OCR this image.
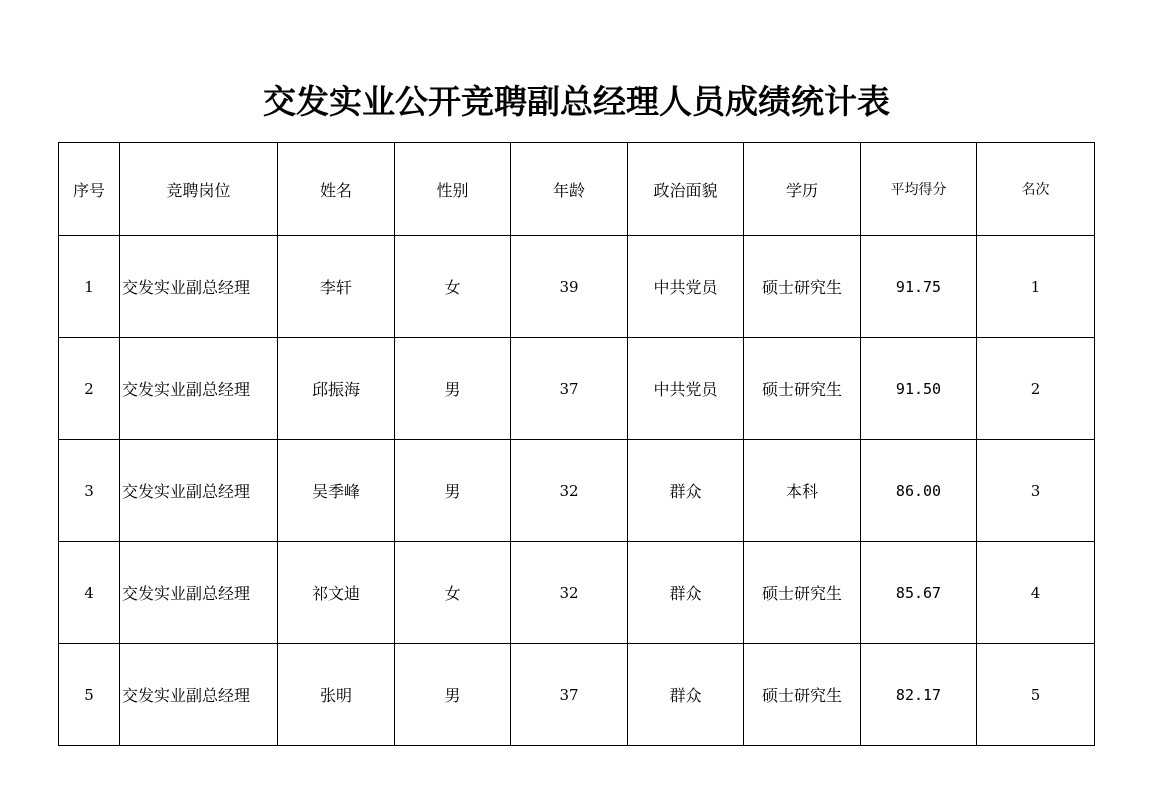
交发实业公开竞聘副总经理人员成绩统计表
序号	竞聘岗位	姓名	性别	年龄	政治面貌	学历	平均得分	名次
1	交发实业副总经理	李轩	女	39	中共党员	硕士研究生	91.75	1
2	交发实业副总经理	邱振海	男	37	中共党员	硕士研究生	91.50	2
3	交发实业副总经理	吴季峰	男	32	群众	本科	86.00	3
4	交发实业副总经理	祁文迪	女	32	群众	硕士研究生	85.67	4
5	交发实业副总经理	张明	男	37	群众	硕士研究生	82.17	5
